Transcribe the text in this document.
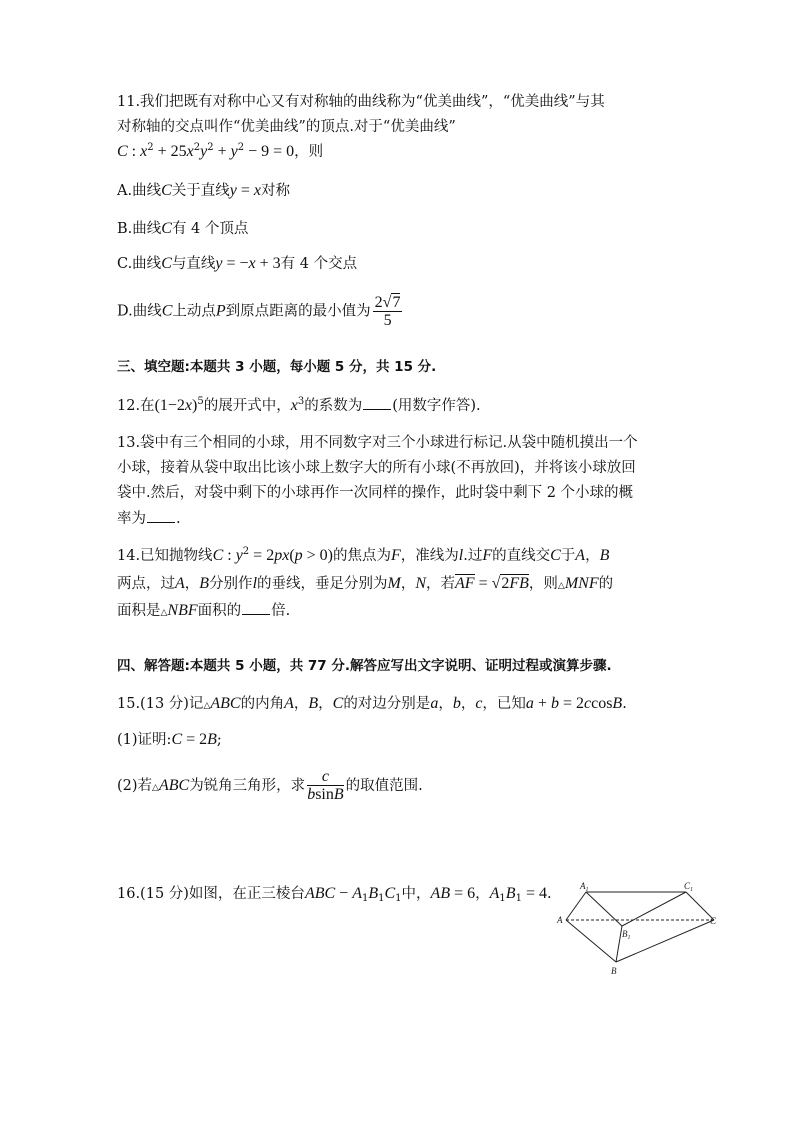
11.我们把既有对称中心又有对称轴的曲线称为“优美曲线”，“优美曲线”与其
对称轴的交点叫作“优美曲线”的顶点.对于“优美曲线”
C : $x^2 + 25x^2y^2 + y^2 - 9 = 0$，则
A.曲线C关于直线y = x对称
B.曲线C有 4 个顶点
C.曲线C与直线y = −x + 3有 4 个交点
D.曲线C上动点P到原点距离的最小值为 $\frac{2√7}{5}$
三、填空题:本题共 3 小题，每小题 5 分，共 15 分.
12.在$(1-2x)^5$的展开式中，$x^3$的系数为 (用数字作答).
13.袋中有三个相同的小球，用不同数字对三个小球进行标记.从袋中随机摸出一个
小球，接着从袋中取出比该小球上数字大的所有小球(不再放回)，并将该小球放回
袋中.然后，对袋中剩下的小球再作一次同样的操作，此时袋中剩下 2 个小球的概
率为 .
14.已知抛物线C : $y^2 = 2px(p > 0)$的焦点为F，准线为l.过F的直线交C于A，B
两点，过A，B分别作l的垂线，垂足分别为M，N，若AF = √2FB，则△MNF的
面积是△NBF面积的 倍.
四、解答题:本题共 5 小题，共 77 分.解答应写出文字说明、证明过程或演算步骤.
15.(13 分)记△ABC的内角A，B，C的对边分别是a，b，c，已知a + b = 2ccosB.
(1)证明:C = 2B;
(2)若△ABC为锐角三角形，求 $\frac{c}{bsinB}$ 的取值范围.
16.(15 分)如图，在正三棱台ABC − $A_1B_1C_1$中，AB = 6，$A_1B_1 = 4$.	$A_1$	$C_1$
A
$B_1$
C
B
